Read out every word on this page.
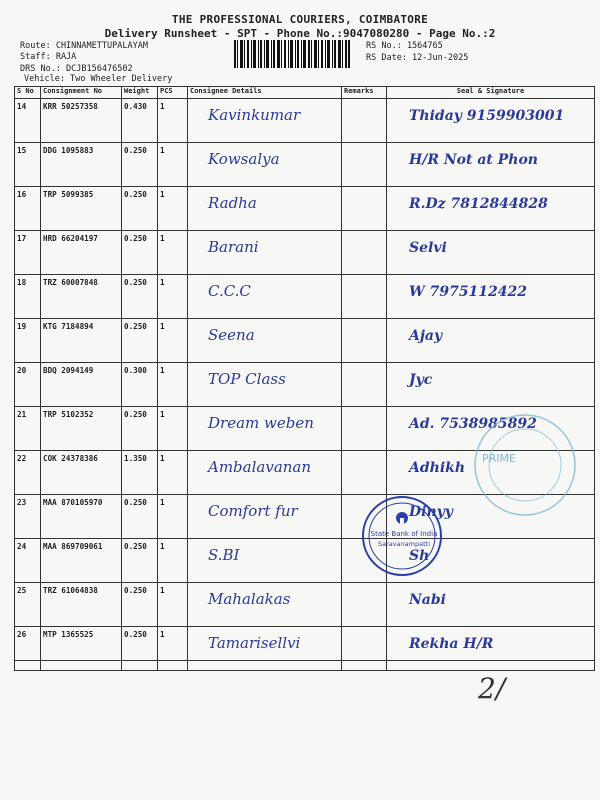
THE PROFESSIONAL COURIERS, COIMBATORE
Delivery Runsheet - SPT - Phone No.:9047080280 - Page No.:2
Route: CHINNAMETTUPALAYAM
Staff: RAJA
DRS No.: DCJB156476502
Vehicle: Two Wheeler Delivery
RS No.: 1564765
RS Date: 12-Jun-2025
S No	Consignment No	Weight	PCS	Consignee Details	Remarks	Seal & Signature
14	KRR 50257358	0.430	1	Kavinkumar		Thiday 9159903001
15	DDG 1095883	0.250	1	Kowsalya		H/R Not at Phon
16	TRP 5099385	0.250	1	Radha		R.Dz 7812844828
17	HRD 66204197	0.250	1	Barani		Selvi
18	TRZ 60007848	0.250	1	C.C.C		W 7975112422
19	KTG 7184894	0.250	1	Seena		Ajay
20	BDQ 2094149	0.300	1	TOP Class		Jyc
21	TRP 5102352	0.250	1	Dream weben		Ad. 7538985892
22	COK 24378386	1.350	1	Ambalavanan		Adhikh
23	MAA 870105970	0.250	1	Comfort fur		Dinyy
24	MAA 869709061	0.250	1	S.BI		Sh
25	TRZ 61064838	0.250	1	Mahalakas		Nabi
26	MTP 1365525	0.250	1	Tamarisellvi		Rekha H/R
State Bank of India
Saravanampatti
PRIME
2/
